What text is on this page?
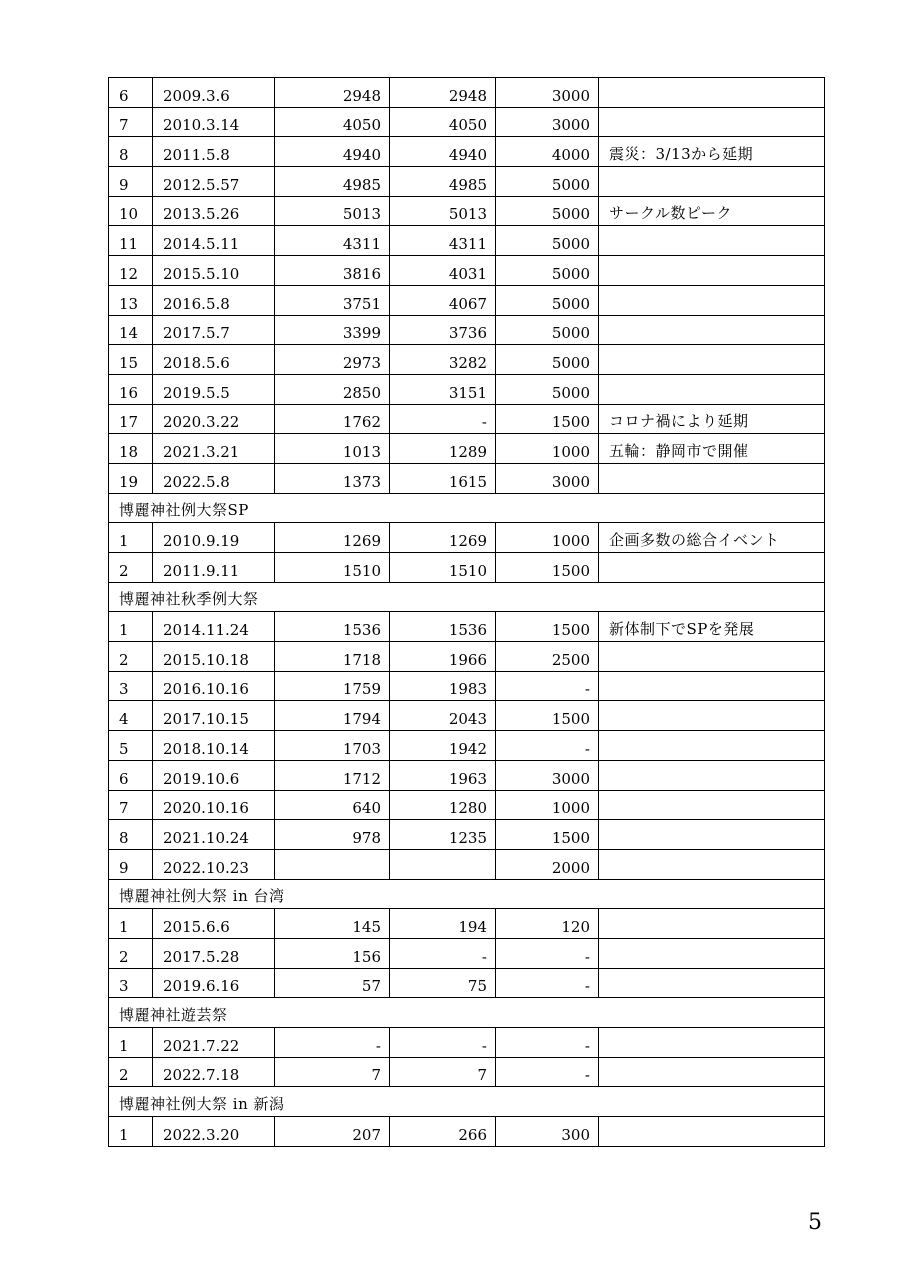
6	2009.3.6	2948	2948	3000	
7	2010.3.14	4050	4050	3000	
8	2011.5.8	4940	4940	4000	震災：3/13から延期
9	2012.5.57	4985	4985	5000	
10	2013.5.26	5013	5013	5000	サークル数ピーク
11	2014.5.11	4311	4311	5000	
12	2015.5.10	3816	4031	5000	
13	2016.5.8	3751	4067	5000	
14	2017.5.7	3399	3736	5000	
15	2018.5.6	2973	3282	5000	
16	2019.5.5	2850	3151	5000	
17	2020.3.22	1762	-	1500	コロナ禍により延期
18	2021.3.21	1013	1289	1000	五輪：静岡市で開催
19	2022.5.8	1373	1615	3000	
博麗神社例大祭SP					
1	2010.9.19	1269	1269	1000	企画多数の総合イベント
2	2011.9.11	1510	1510	1500	
博麗神社秋季例大祭					
1	2014.11.24	1536	1536	1500	新体制下でSPを発展
2	2015.10.18	1718	1966	2500	
3	2016.10.16	1759	1983	-	
4	2017.10.15	1794	2043	1500	
5	2018.10.14	1703	1942	-	
6	2019.10.6	1712	1963	3000	
7	2020.10.16	640	1280	1000	
8	2021.10.24	978	1235	1500	
9	2022.10.23			2000	
博麗神社例大祭 in 台湾					
1	2015.6.6	145	194	120	
2	2017.5.28	156	-	-	
3	2019.6.16	57	75	-	
博麗神社遊芸祭					
1	2021.7.22	-	-	-	
2	2022.7.18	7	7	-	
博麗神社例大祭 in 新潟					
1	2022.3.20	207	266	300	
5
